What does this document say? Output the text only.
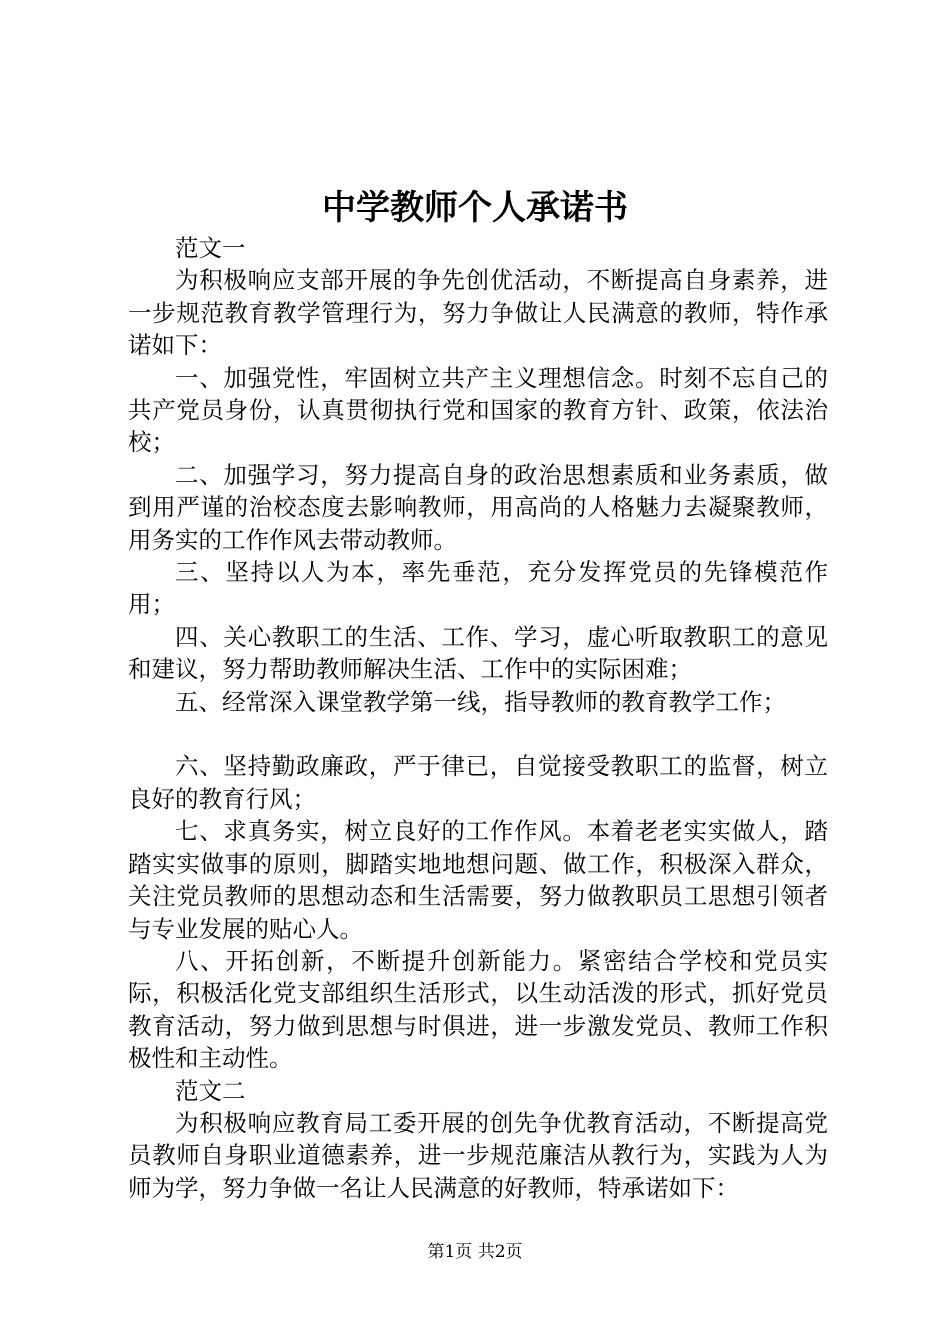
中学教师个人承诺书

范文一

为积极响应支部开展的争先创优活动，不断提高自身素养，进一步规范教育教学管理行为，努力争做让人民满意的教师，特作承诺如下：

一、加强党性，牢固树立共产主义理想信念。时刻不忘自己的共产党员身份，认真贯彻执行党和国家的教育方针、政策，依法治校；

二、加强学习，努力提高自身的政治思想素质和业务素质，做到用严谨的治校态度去影响教师，用高尚的人格魅力去凝聚教师，用务实的工作作风去带动教师。

三、坚持以人为本，率先垂范，充分发挥党员的先锋模范作用；

四、关心教职工的生活、工作、学习，虚心听取教职工的意见和建议，努力帮助教师解决生活、工作中的实际困难；

五、经常深入课堂教学第一线，指导教师的教育教学工作；

六、坚持勤政廉政，严于律已，自觉接受教职工的监督，树立良好的教育行风；

七、求真务实，树立良好的工作作风。本着老老实实做人，踏踏实实做事的原则，脚踏实地地想问题、做工作，积极深入群众，关注党员教师的思想动态和生活需要，努力做教职员工思想引领者与专业发展的贴心人。

八、开拓创新，不断提升创新能力。紧密结合学校和党员实际，积极活化党支部组织生活形式，以生动活泼的形式，抓好党员教育活动，努力做到思想与时俱进，进一步激发党员、教师工作积极性和主动性。

范文二

为积极响应教育局工委开展的创先争优教育活动，不断提高党员教师自身职业道德素养，进一步规范廉洁从教行为，实践为人为师为学，努力争做一名让人民满意的好教师，特承诺如下：

第1页 共2页
